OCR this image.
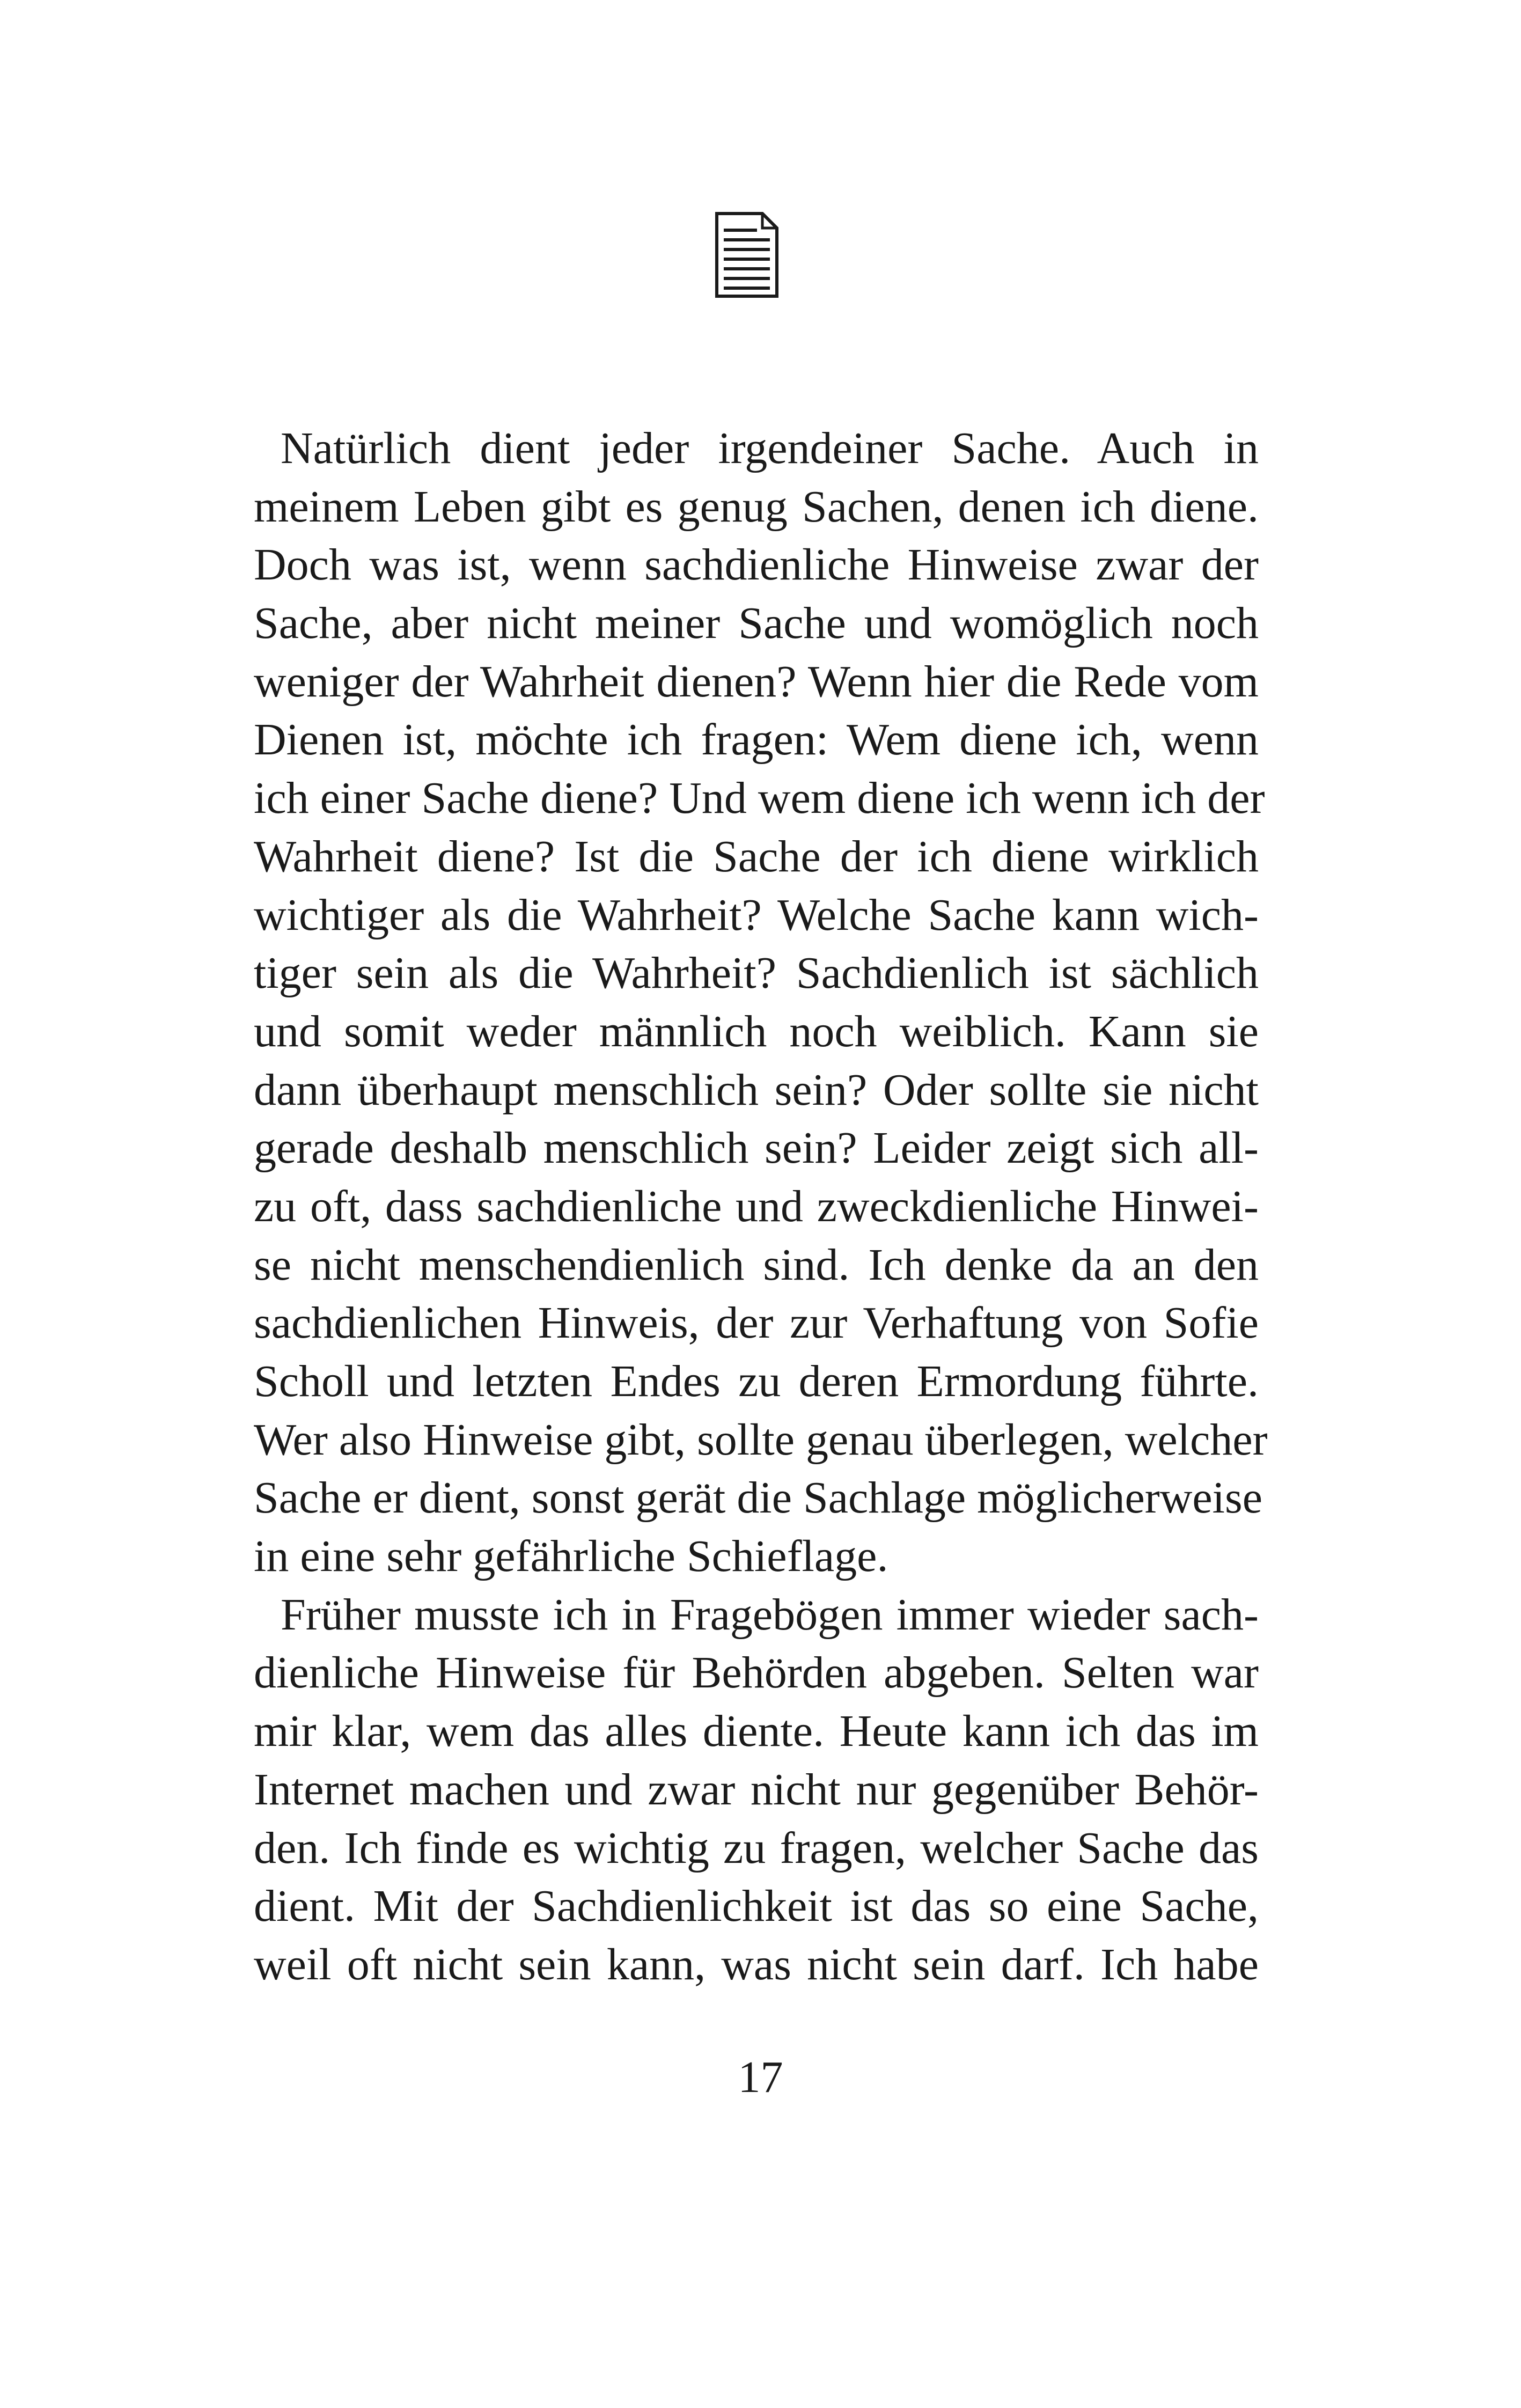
Natürlich dient jeder irgendeiner Sache. Auch in
meinem Leben gibt es genug Sachen, denen ich diene.
Doch was ist, wenn sachdienliche Hinweise zwar der
Sache, aber nicht meiner Sache und womöglich noch
weniger der Wahrheit dienen? Wenn hier die Rede vom
Dienen ist, möchte ich fragen: Wem diene ich, wenn
ich einer Sache diene? Und wem diene ich wenn ich der
Wahrheit diene? Ist die Sache der ich diene wirklich
wichtiger als die Wahrheit? Welche Sache kann wich-
tiger sein als die Wahrheit? Sachdienlich ist sächlich
und somit weder männlich noch weiblich. Kann sie
dann überhaupt menschlich sein? Oder sollte sie nicht
gerade deshalb menschlich sein? Leider zeigt sich all-
zu oft, dass sachdienliche und zweckdienliche Hinwei-
se nicht menschendienlich sind. Ich denke da an den
sachdienlichen Hinweis, der zur Verhaftung von Sofie
Scholl und letzten Endes zu deren Ermordung führte.
Wer also Hinweise gibt, sollte genau überlegen, welcher
Sache er dient, sonst gerät die Sachlage möglicherweise
in eine sehr gefährliche Schieflage.
Früher musste ich in Fragebögen immer wieder sach-
dienliche Hinweise für Behörden abgeben. Selten war
mir klar, wem das alles diente. Heute kann ich das im
Internet machen und zwar nicht nur gegenüber Behör-
den. Ich finde es wichtig zu fragen, welcher Sache das
dient. Mit der Sachdienlichkeit ist das so eine Sache,
weil oft nicht sein kann, was nicht sein darf. Ich habe
17
